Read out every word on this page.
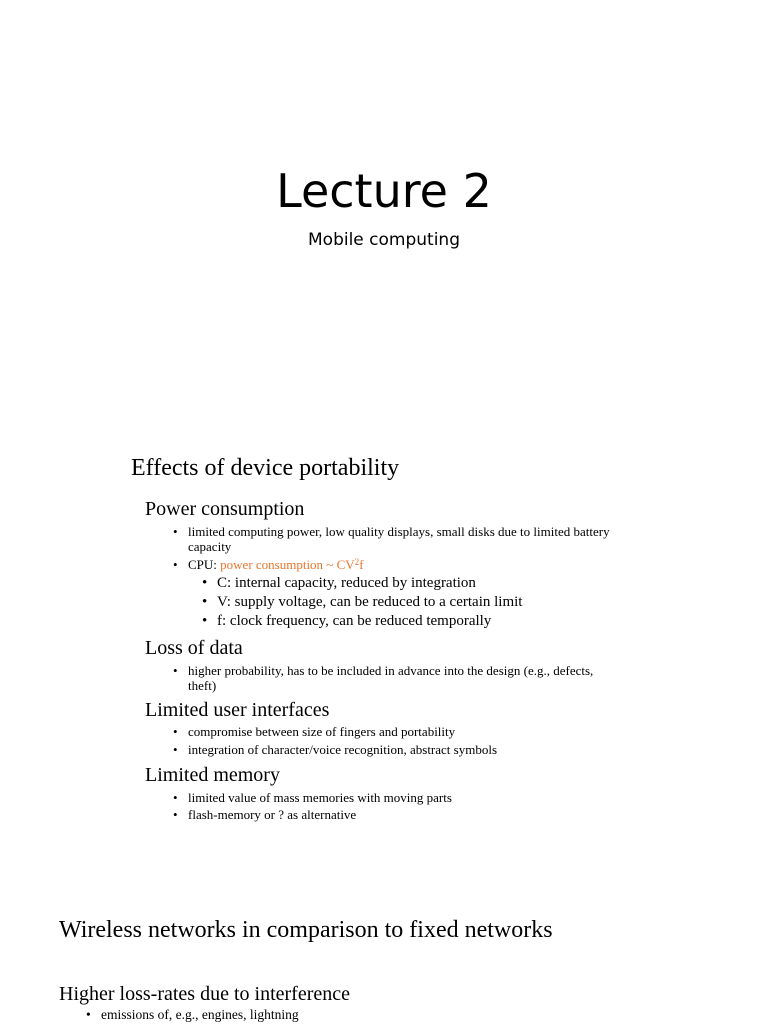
Lecture 2
Mobile computing
Effects of device portability
Power consumption
• limited computing power, low quality displays, small disks due to limited battery capacity
• CPU: power consumption ~ $CV^2f$
• C: internal capacity, reduced by integration
• V: supply voltage, can be reduced to a certain limit
• f: clock frequency, can be reduced temporally
Loss of data
• higher probability, has to be included in advance into the design (e.g., defects, theft)
Limited user interfaces
• compromise between size of fingers and portability
• integration of character/voice recognition, abstract symbols
Limited memory
• limited value of mass memories with moving parts
• flash-memory or ? as alternative
Wireless networks in comparison to fixed networks
Higher loss-rates due to interference
• emissions of, e.g., engines, lightning
